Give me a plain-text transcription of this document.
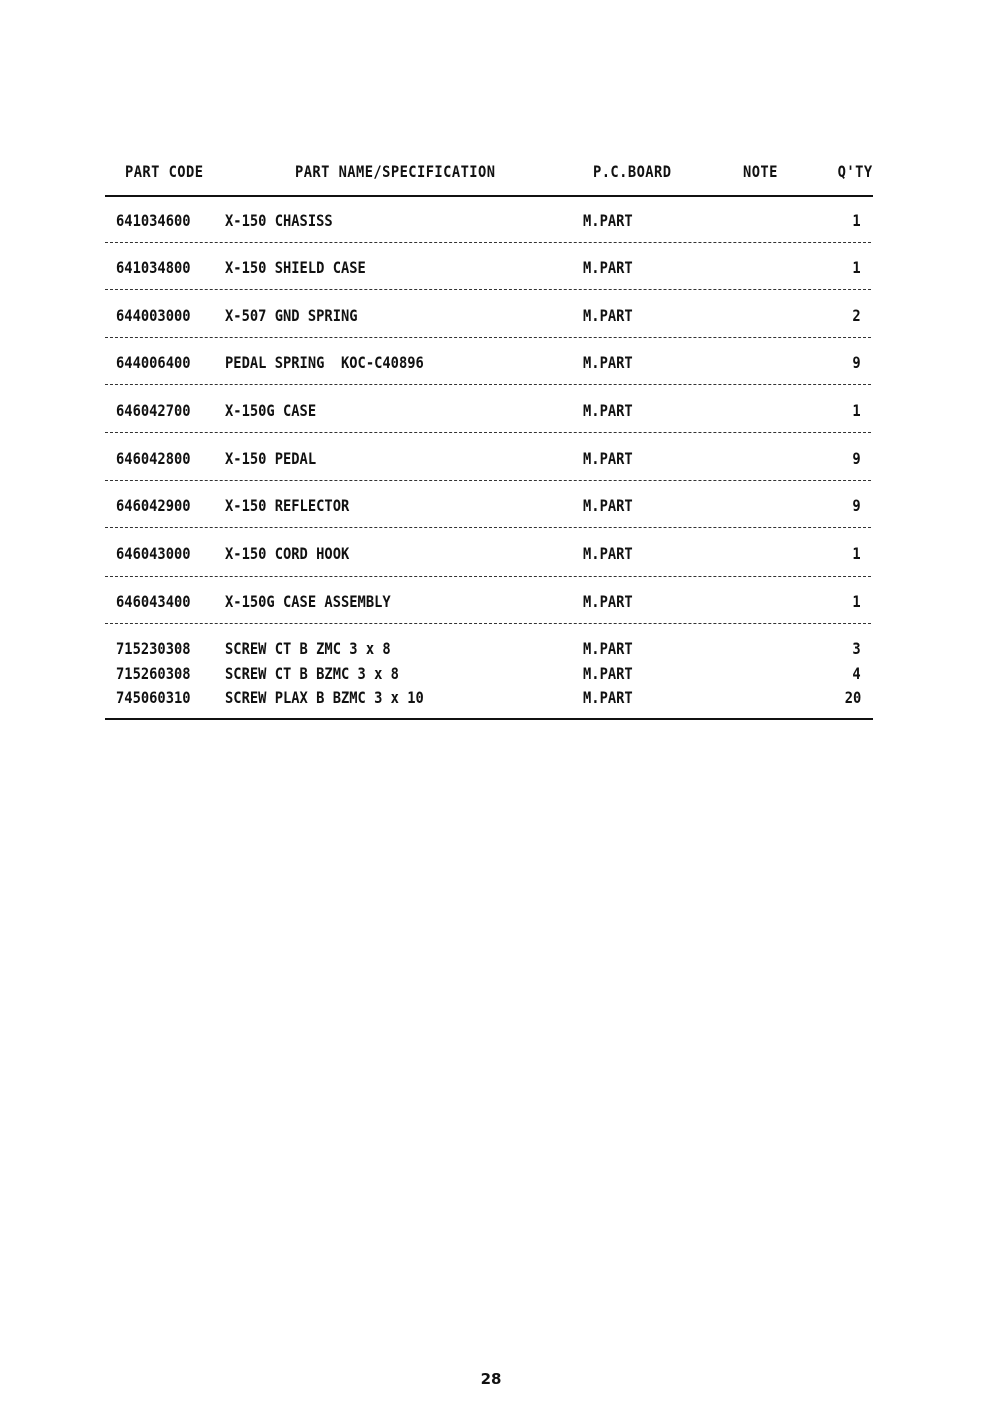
PART CODE	PART NAME/SPECIFICATION	P.C.BOARD	NOTE	Q'TY
641034600 X-150 CHASISS	M.PART	1
641034800 X-150 SHIELD CASE	M.PART	1
644003000 X-507 GND SPRING	M.PART	2
644006400 PEDAL SPRING  KOC-C40896	M.PART	9
646042700 X-150G CASE	M.PART	1
646042800 X-150 PEDAL	M.PART	9
646042900 X-150 REFLECTOR	M.PART	9
646043000 X-150 CORD HOOK	M.PART	1
646043400 X-150G CASE ASSEMBLY	M.PART	1
715230308 SCREW CT B ZMC 3 x 8	M.PART	3
715260308 SCREW CT B BZMC 3 x 8	M.PART	4
745060310 SCREW PLAX B BZMC 3 x 10	M.PART	20
28
